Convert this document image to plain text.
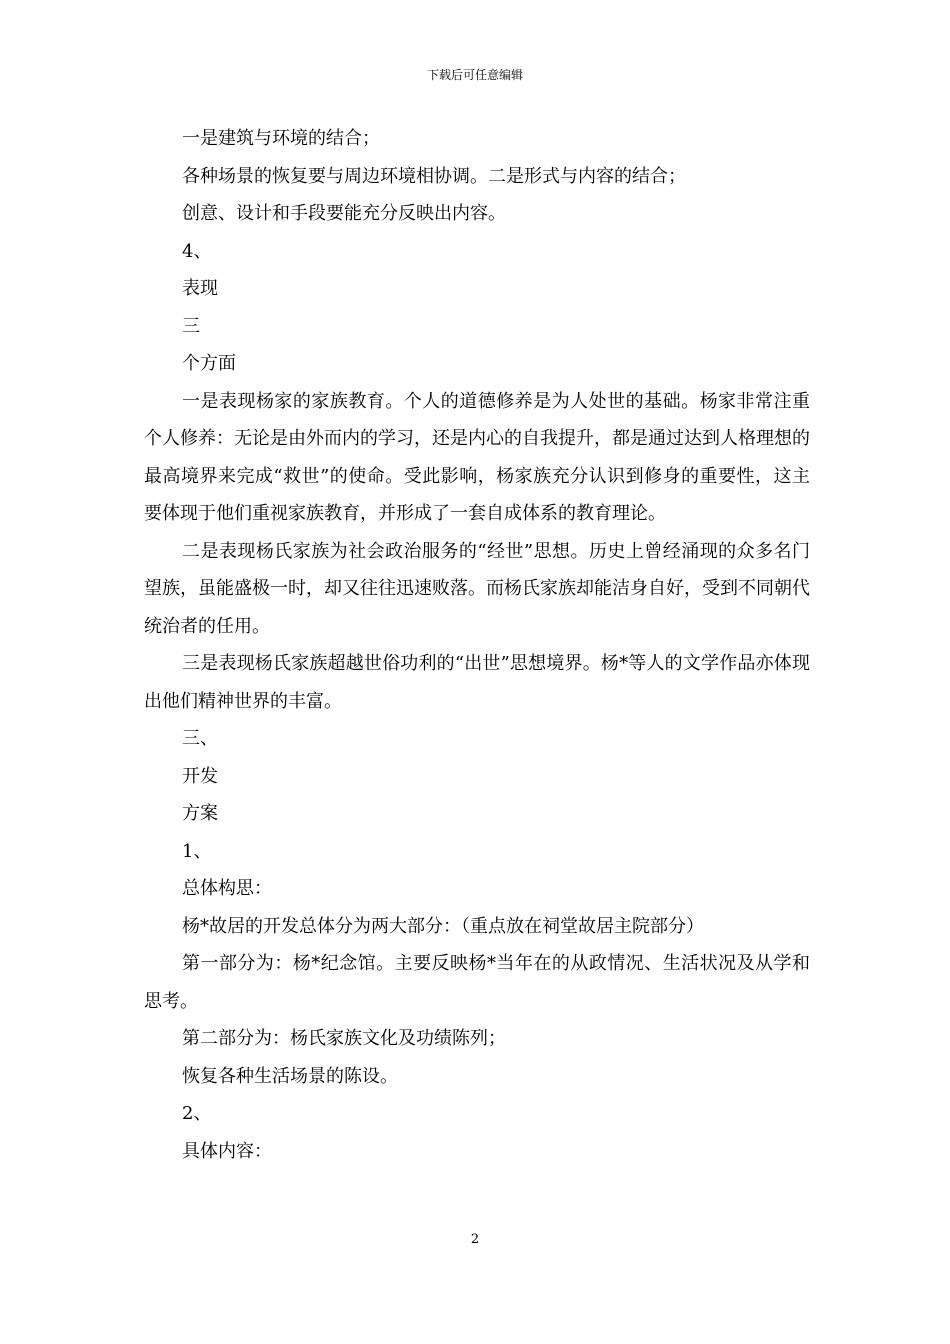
下载后可任意编辑

一是建筑与环境的结合；

各种场景的恢复要与周边环境相协调。二是形式与内容的结合；

创意、设计和手段要能充分反映出内容。

4、

表现

三

个方面

一是表现杨家的家族教育。个人的道德修养是为人处世的基础。杨家非常注重个人修养：无论是由外而内的学习，还是内心的自我提升，都是通过达到人格理想的最高境界来完成“救世”的使命。受此影响，杨家族充分认识到修身的重要性，这主要体现于他们重视家族教育，并形成了一套自成体系的教育理论。

二是表现杨氏家族为社会政治服务的“经世”思想。历史上曾经涌现的众多名门望族，虽能盛极一时，却又往往迅速败落。而杨氏家族却能洁身自好，受到不同朝代统治者的任用。

三是表现杨氏家族超越世俗功利的“出世”思想境界。杨*等人的文学作品亦体现出他们精神世界的丰富。

三、

开发

方案

1、

总体构思：

杨*故居的开发总体分为两大部分：（重点放在祠堂故居主院部分）

第一部分为：杨*纪念馆。主要反映杨*当年在的从政情况、生活状况及从学和思考。

第二部分为：杨氏家族文化及功绩陈列；

恢复各种生活场景的陈设。

2、

具体内容：

2
